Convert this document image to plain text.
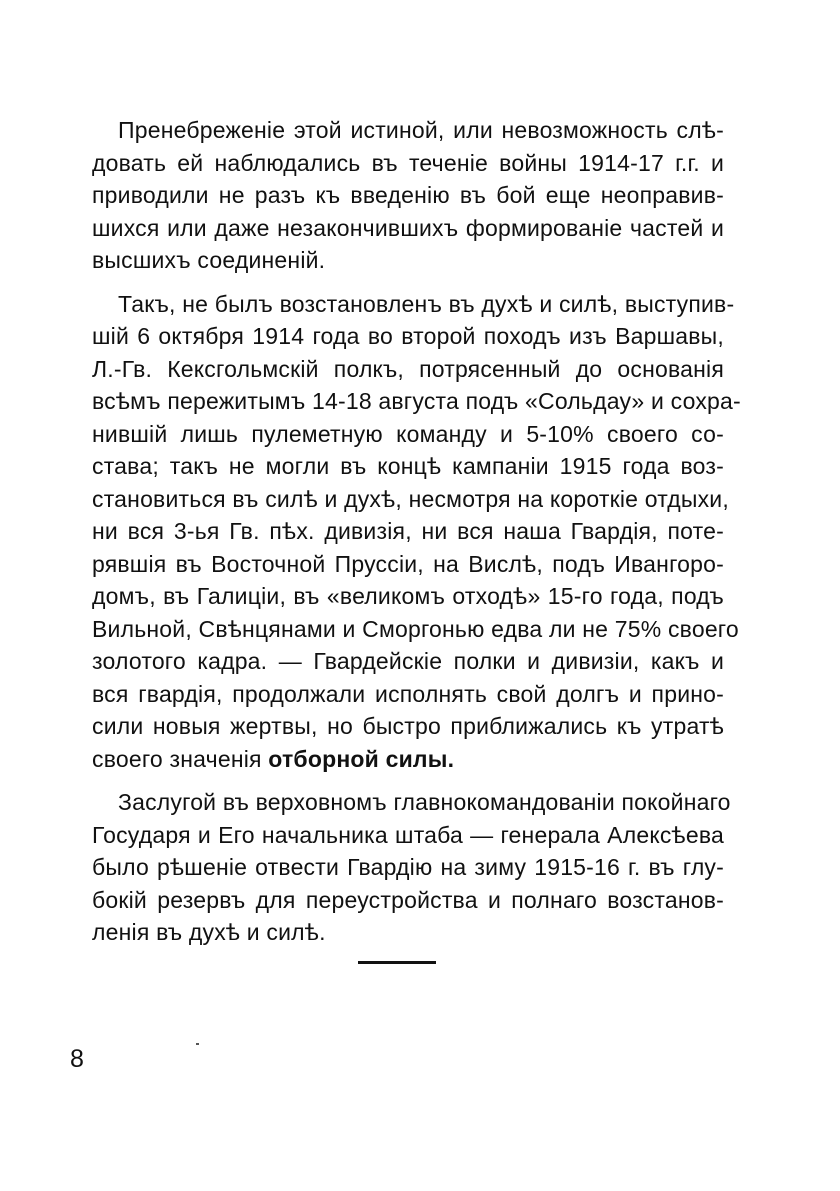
Пренебреженіе этой истиной, или невозможность слѣ-
довать ей наблюдались въ теченіе войны 1914-17 г.г. и
приводили не разъ къ введенію въ бой еще неоправив-
шихся или даже незакончившихъ формированіе частей и
высшихъ соединеній.
Такъ, не былъ возстановленъ въ духѣ и силѣ, выступив-
шій 6 октября 1914 года во второй походъ изъ Варшавы,
Л.-Гв. Кексгольмскій полкъ, потрясенный до основанія
всѣмъ пережитымъ 14-18 августа подъ «Сольдау» и сохра-
нившій лишь пулеметную команду и 5-10% своего со-
става; такъ не могли въ концѣ кампаніи 1915 года воз-
становиться въ силѣ и духѣ, несмотря на короткіе отдыхи,
ни вся 3-ья Гв. пѣх. дивизія, ни вся наша Гвардія, поте-
рявшія въ Восточной Пруссіи, на Вислѣ, подъ Ивангоро-
домъ, въ Галиціи, въ «великомъ отходѣ» 15-го года, подъ
Вильной, Свѣнцянами и Сморгонью едва ли не 75% своего
золотого кадра. — Гвардейскіе полки и дивизіи, какъ и
вся гвардія, продолжали исполнять свой долгъ и прино-
сили новыя жертвы, но быстро приближались къ утратѣ
своего значенія отборной силы.
Заслугой въ верховномъ главнокомандованіи покойнаго
Государя и Его начальника штаба — генерала Алексѣева
было рѣшеніе отвести Гвардію на зиму 1915-16 г. въ глу-
бокій резервъ для переустройства и полнаго возстанов-
ленія въ духѣ и силѣ.
8
